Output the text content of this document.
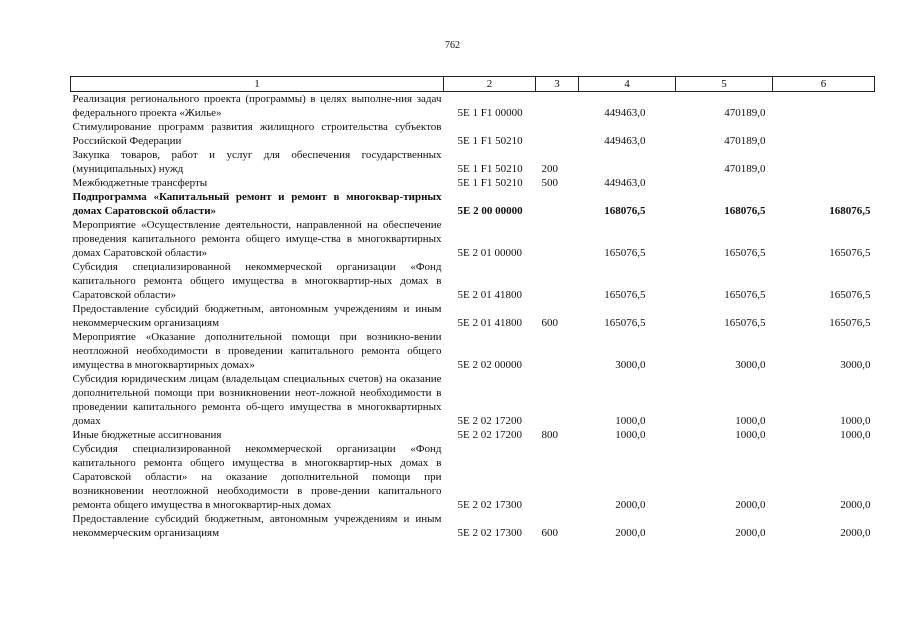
762
1	2	3	4	5	6
Реализация регионального проекта (программы) в целях выполне-ния задач федерального проекта «Жилье»	5Е 1 F1 00000		449463,0	470189,0	
Стимулирование программ развития жилищного строительства субъектов Российской Федерации	5Е 1 F1 50210		449463,0	470189,0	
Закупка товаров, работ и услуг для обеспечения государственных (муниципальных) нужд	5Е 1 F1 50210	200		470189,0	
Межбюджетные трансферты	5Е 1 F1 50210	500	449463,0		
Подпрограмма «Капитальный ремонт и ремонт в многоквар-тирных домах Саратовской области»	5Е 2 00 00000		168076,5	168076,5	168076,5
Мероприятие «Осуществление деятельности, направленной на обеспечение проведения капитального ремонта общего имуще-ства в многоквартирных домах Саратовской области»	5Е 2 01 00000		165076,5	165076,5	165076,5
Субсидия специализированной некоммерческой организации «Фонд капитального ремонта общего имущества в многоквартир-ных домах в Саратовской области»	5Е 2 01 41800		165076,5	165076,5	165076,5
Предоставление субсидий бюджетным, автономным учреждениям и иным некоммерческим организациям	5Е 2 01 41800	600	165076,5	165076,5	165076,5
Мероприятие «Оказание дополнительной помощи при возникно-вении неотложной необходимости в проведении капитального ремонта общего имущества в многоквартирных домах»	5Е 2 02 00000		3000,0	3000,0	3000,0
Субсидия юридическим лицам (владельцам специальных счетов) на оказание дополнительной помощи при возникновении неот-ложной необходимости в проведении капитального ремонта об-щего имущества в многоквартирных домах	5Е 2 02 17200		1000,0	1000,0	1000,0
Иные бюджетные ассигнования	5Е 2 02 17200	800	1000,0	1000,0	1000,0
Субсидия специализированной некоммерческой организации «Фонд капитального ремонта общего имущества в многоквартир-ных домах в Саратовской области» на оказание дополнительной помощи при возникновении неотложной необходимости в прове-дении капитального ремонта общего имущества в многоквартир-ных домах	5Е 2 02 17300		2000,0	2000,0	2000,0
Предоставление субсидий бюджетным, автономным учреждениям и иным некоммерческим организациям	5Е 2 02 17300	600	2000,0	2000,0	2000,0
